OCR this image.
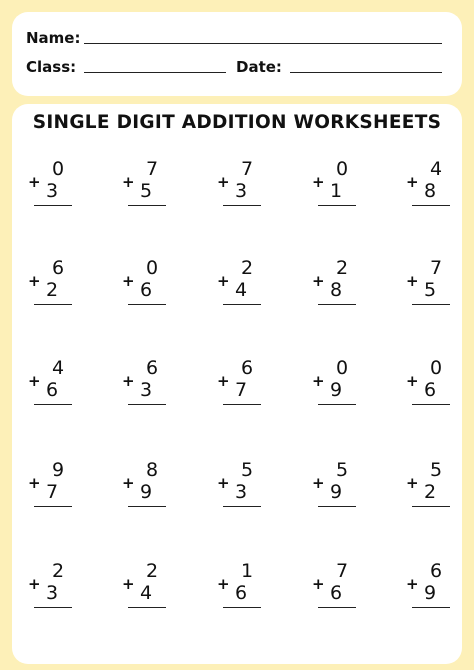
Name:
Class:	Date:
SINGLE DIGIT ADDITION WORKSHEETS
0
+ 3
7
+ 5
7
+ 3
0
+ 1
4
+ 8
6
+ 2
0
+ 6
2
+ 4
2
+ 8
7
+ 5
4
+ 6
6
+ 3
6
+ 7
0
+ 9
0
+ 6
9
+ 7
8
+ 9
5
+ 3
5
+ 9
5
+ 2
2
+ 3
2
+ 4
1
+ 6
7
+ 6
6
+ 9
